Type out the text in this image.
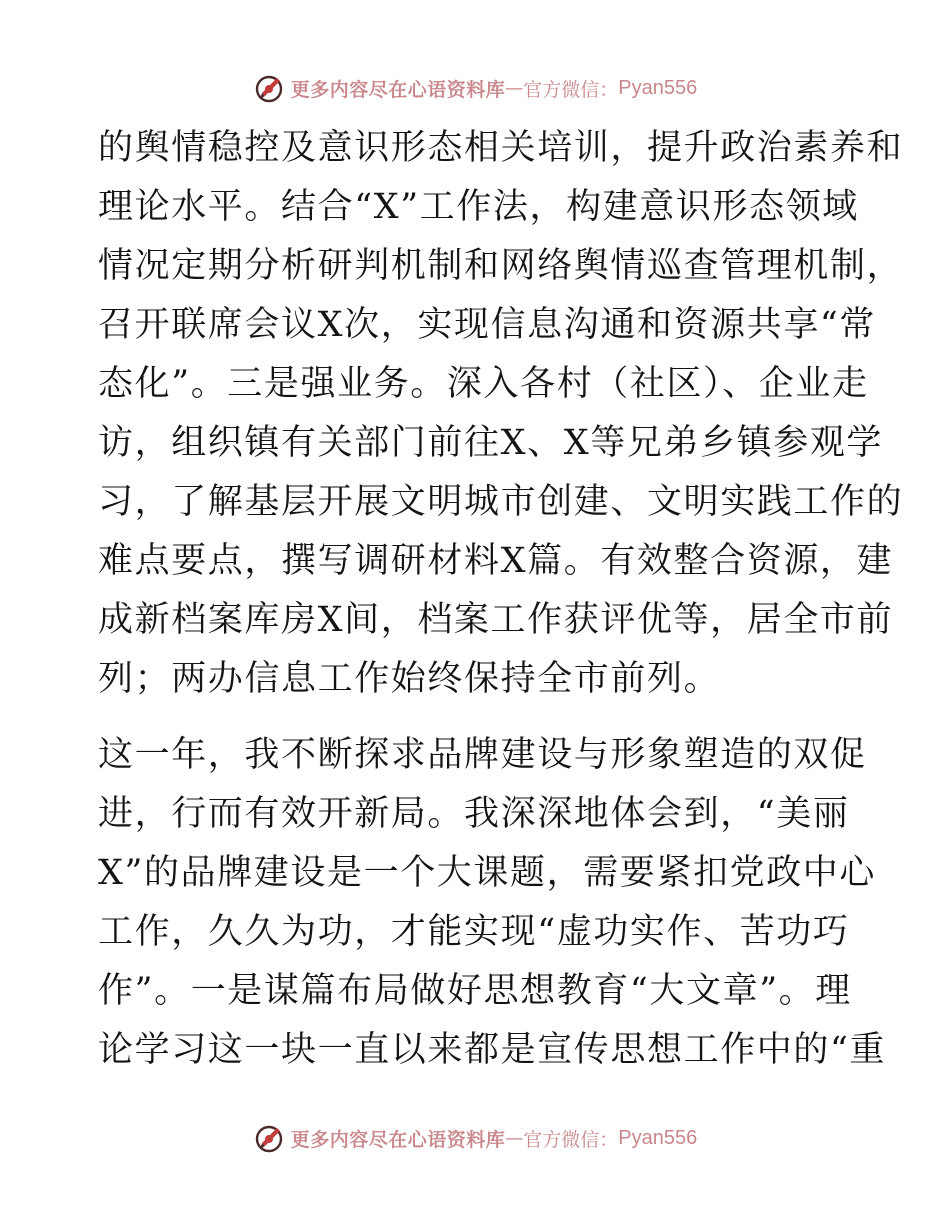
更多内容尽在心语资料库 — 官方微信： Pyan556
的舆情稳控及意识形态相关培训，提升政治素养和
理论水平。结合“X”工作法，构建意识形态领域
情况定期分析研判机制和网络舆情巡查管理机制，
召开联席会议X次，实现信息沟通和资源共享“常
态化”。三是强业务。深入各村（社区）、企业走
访，组织镇有关部门前往X、X等兄弟乡镇参观学
习，了解基层开展文明城市创建、文明实践工作的
难点要点，撰写调研材料X篇。有效整合资源，建
成新档案库房X间，档案工作获评优等，居全市前
列；两办信息工作始终保持全市前列。
这一年，我不断探求品牌建设与形象塑造的双促
进，行而有效开新局。我深深地体会到，“美丽
X”的品牌建设是一个大课题，需要紧扣党政中心
工作，久久为功，才能实现“虚功实作、苦功巧
作”。一是谋篇布局做好思想教育“大文章”。理
论学习这一块一直以来都是宣传思想工作中的“重
更多内容尽在心语资料库 — 官方微信： Pyan556
